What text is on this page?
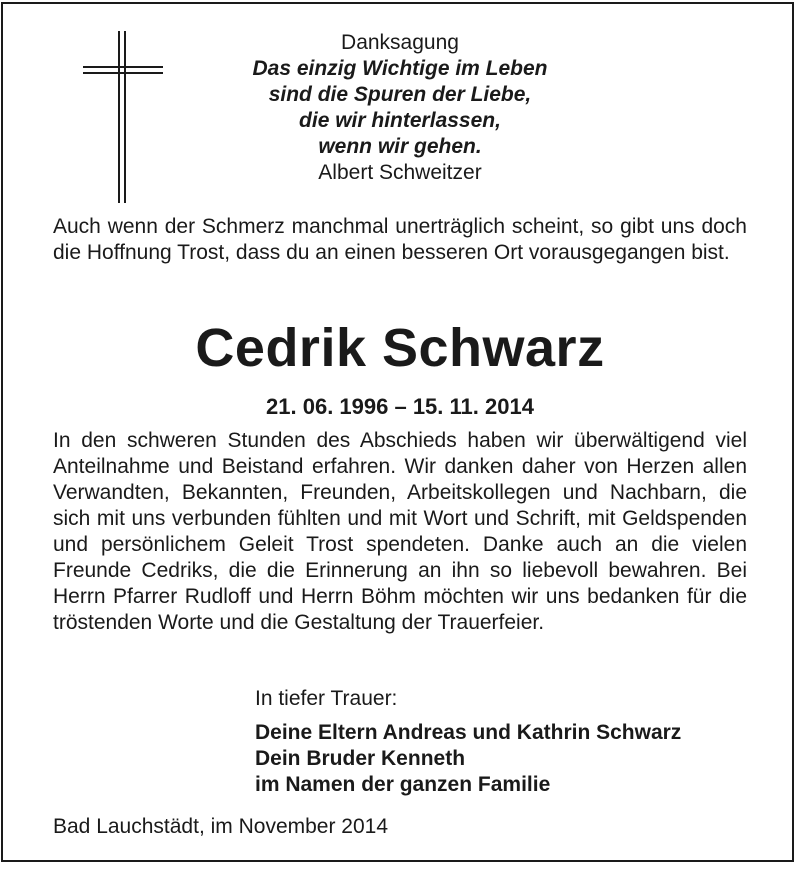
Danksagung
Das einzig Wichtige im Leben
sind die Spuren der Liebe,
die wir hinterlassen,
wenn wir gehen.
Albert Schweitzer
Auch wenn der Schmerz manchmal unerträglich scheint, so gibt uns doch die Hoffnung Trost, dass du an einen besseren Ort vorausgegangen bist.
Cedrik Schwarz
21. 06. 1996 – 15. 11. 2014
In den schweren Stunden des Abschieds haben wir überwältigend viel Anteilnahme und Beistand erfahren. Wir danken daher von Herzen allen Verwandten, Bekannten, Freunden, Arbeitskollegen und Nachbarn, die sich mit uns verbunden fühlten und mit Wort und Schrift, mit Geldspenden und persönlichem Geleit Trost spendeten. Danke auch an die vielen Freunde Cedriks, die die Erinnerung an ihn so liebevoll bewahren. Bei Herrn Pfarrer Rudloff und Herrn Böhm möchten wir uns bedanken für die tröstenden Worte und die Gestaltung der Trauerfeier.
In tiefer Trauer:
Deine Eltern Andreas und Kathrin Schwarz
Dein Bruder Kenneth
im Namen der ganzen Familie
Bad Lauchstädt, im November 2014
